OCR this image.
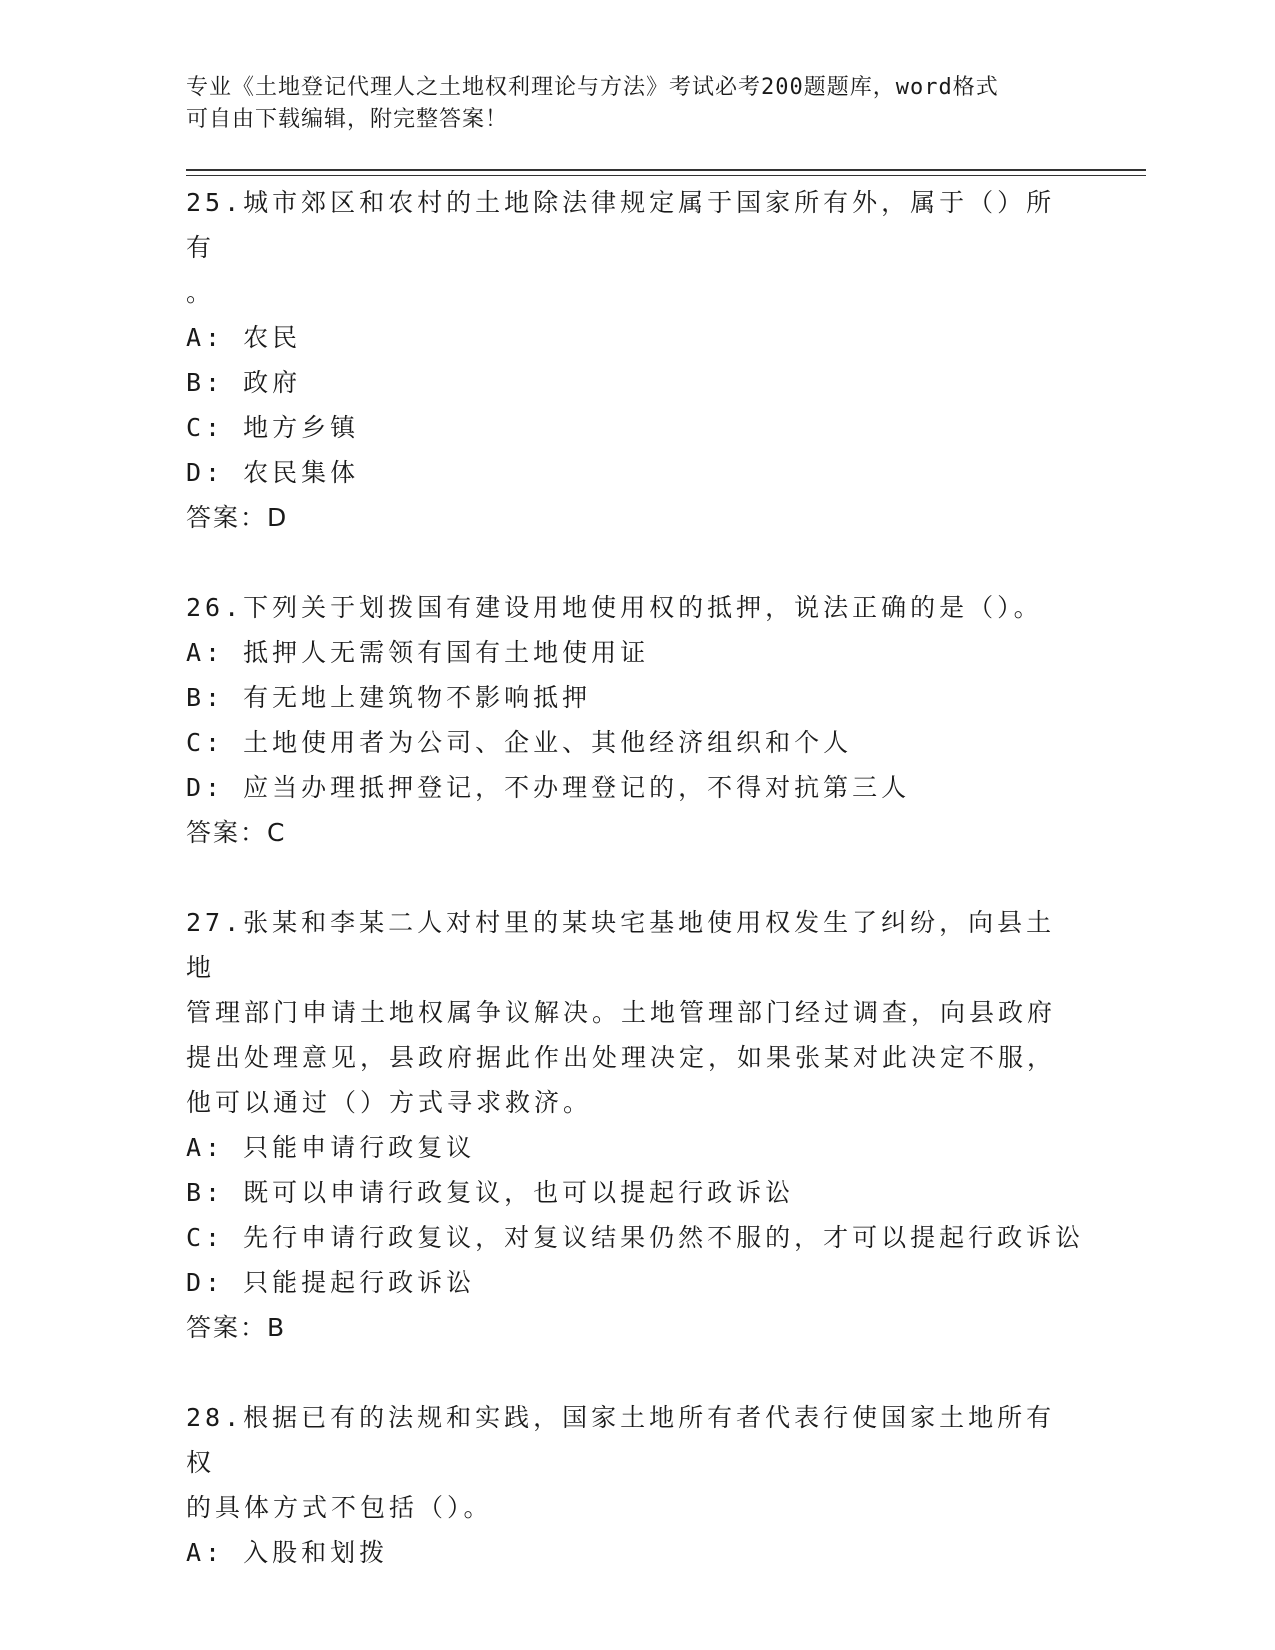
专业《土地登记代理人之土地权利理论与方法》考试必考200题题库，word格式

可自由下载编辑，附完整答案！

25.城市郊区和农村的土地除法律规定属于国家所有外，属于（）所有

。

A: 农民

B: 政府

C: 地方乡镇

D: 农民集体

答案：D

26.下列关于划拨国有建设用地使用权的抵押，说法正确的是（）。

A: 抵押人无需领有国有土地使用证

B: 有无地上建筑物不影响抵押

C: 土地使用者为公司、企业、其他经济组织和个人

D: 应当办理抵押登记，不办理登记的，不得对抗第三人

答案：C

27.张某和李某二人对村里的某块宅基地使用权发生了纠纷，向县土地

管理部门申请土地权属争议解决。土地管理部门经过调查，向县政府

提出处理意见，县政府据此作出处理决定，如果张某对此决定不服，

他可以通过（）方式寻求救济。

A: 只能申请行政复议

B: 既可以申请行政复议，也可以提起行政诉讼

C: 先行申请行政复议，对复议结果仍然不服的，才可以提起行政诉讼

D: 只能提起行政诉讼

答案：B

28.根据已有的法规和实践，国家土地所有者代表行使国家土地所有权

的具体方式不包括（）。

A: 入股和划拨
